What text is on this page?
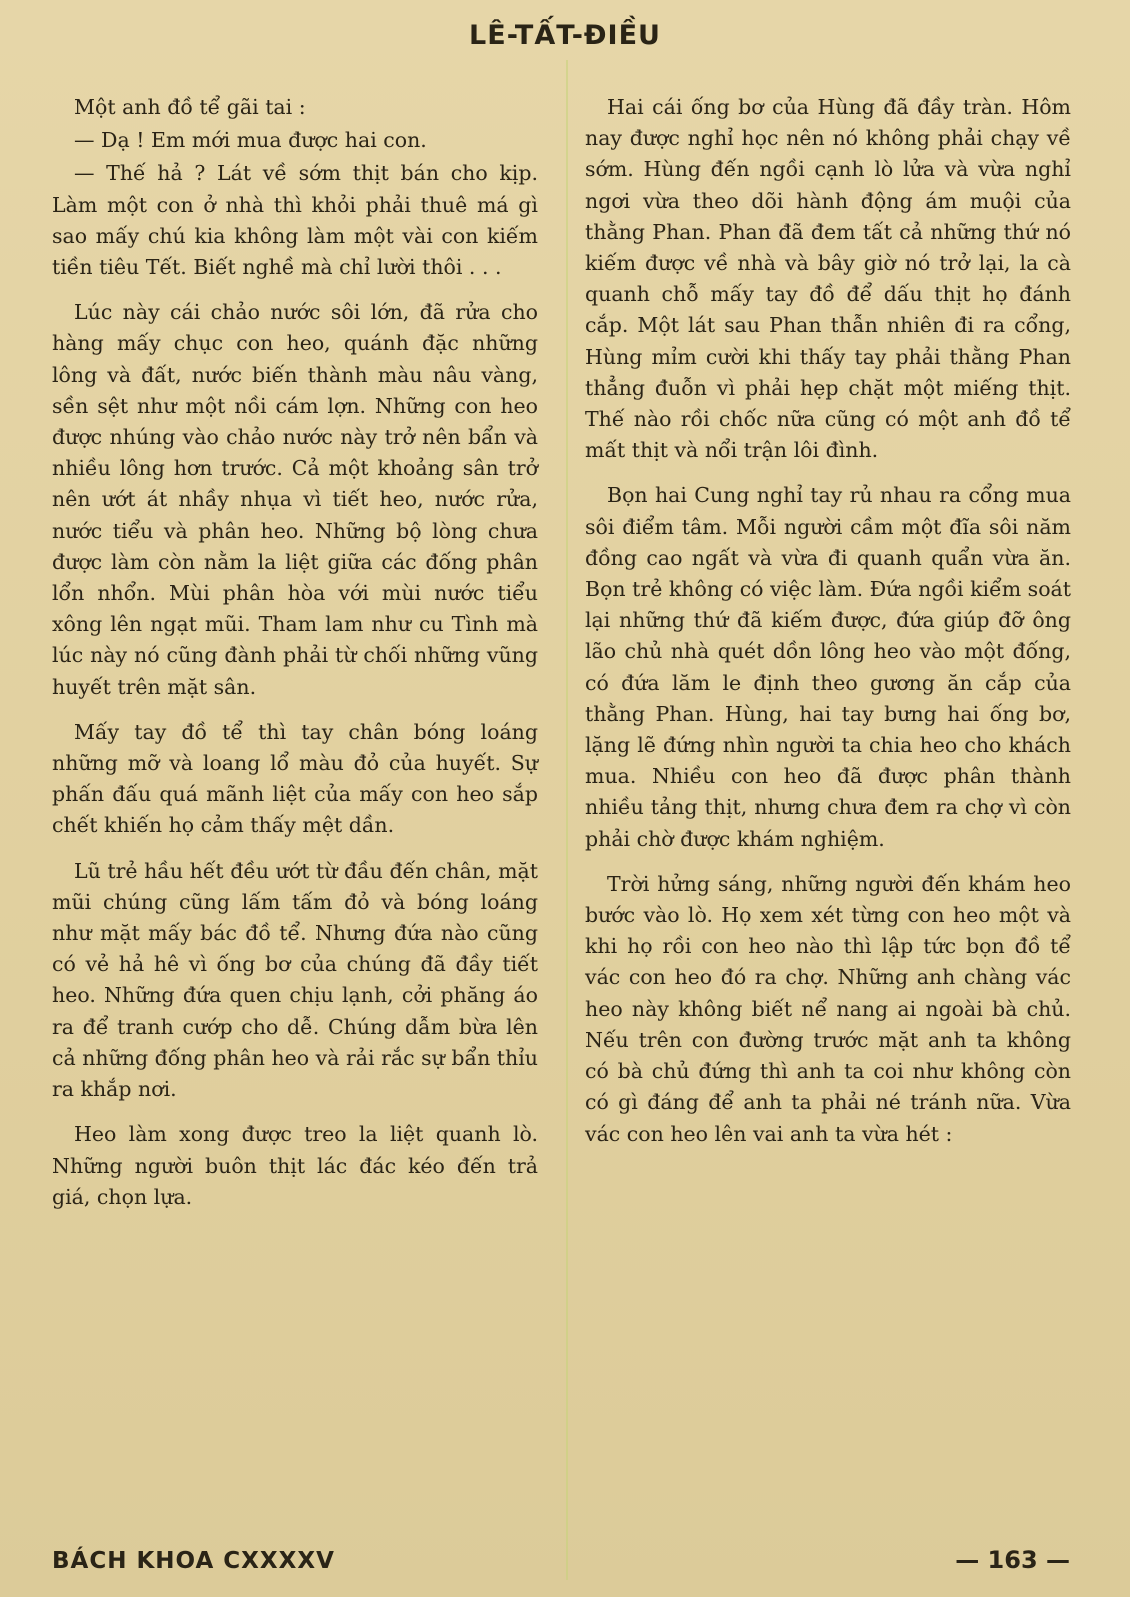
LÊ-TẤT-ĐIỀU

Một anh đồ tể gãi tai :

— Dạ ! Em mới mua được hai con.

— Thế hả ? Lát về sớm thịt bán cho kịp. Làm một con ở nhà thì khỏi phải thuê má gì sao mấy chú kia không làm một vài con kiếm tiền tiêu Tết. Biết nghề mà chỉ lười thôi . . .

Lúc này cái chảo nước sôi lớn, đã rửa cho hàng mấy chục con heo, quánh đặc những lông và đất, nước biến thành màu nâu vàng, sền sệt như một nồi cám lợn. Những con heo được nhúng vào chảo nước này trở nên bẩn và nhiều lông hơn trước. Cả một khoảng sân trở nên ướt át nhầy nhụa vì tiết heo, nước rửa, nước tiểu và phân heo. Những bộ lòng chưa được làm còn nằm la liệt giữa các đống phân lổn nhổn. Mùi phân hòa với mùi nước tiểu xông lên ngạt mũi. Tham lam như cu Tình mà lúc này nó cũng đành phải từ chối những vũng huyết trên mặt sân.

Mấy tay đồ tể thì tay chân bóng loáng những mỡ và loang lổ màu đỏ của huyết. Sự phấn đấu quá mãnh liệt của mấy con heo sắp chết khiến họ cảm thấy mệt dần.

Lũ trẻ hầu hết đều ướt từ đầu đến chân, mặt mũi chúng cũng lấm tấm đỏ và bóng loáng như mặt mấy bác đồ tể. Nhưng đứa nào cũng có vẻ hả hê vì ống bơ của chúng đã đầy tiết heo. Những đứa quen chịu lạnh, cởi phăng áo ra để tranh cướp cho dễ. Chúng dẫm bừa lên cả những đống phân heo và rải rắc sự bẩn thỉu ra khắp nơi.

Heo làm xong được treo la liệt quanh lò. Những người buôn thịt lác đác kéo đến trả giá, chọn lựa.

Hai cái ống bơ của Hùng đã đầy tràn. Hôm nay được nghỉ học nên nó không phải chạy về sớm. Hùng đến ngồi cạnh lò lửa và vừa nghỉ ngơi vừa theo dõi hành động ám muội của thằng Phan. Phan đã đem tất cả những thứ nó kiếm được về nhà và bây giờ nó trở lại, la cà quanh chỗ mấy tay đồ để dấu thịt họ đánh cắp. Một lát sau Phan thẫn nhiên đi ra cổng, Hùng mỉm cười khi thấy tay phải thằng Phan thẳng đuỗn vì phải hẹp chặt một miếng thịt. Thế nào rồi chốc nữa cũng có một anh đồ tể mất thịt và nổi trận lôi đình.

Bọn hai Cung nghỉ tay rủ nhau ra cổng mua sôi điểm tâm. Mỗi người cầm một đĩa sôi năm đồng cao ngất và vừa đi quanh quẩn vừa ăn. Bọn trẻ không có việc làm. Đứa ngồi kiểm soát lại những thứ đã kiếm được, đứa giúp đỡ ông lão chủ nhà quét dồn lông heo vào một đống, có đứa lăm le định theo gương ăn cắp của thằng Phan. Hùng, hai tay bưng hai ống bơ, lặng lẽ đứng nhìn người ta chia heo cho khách mua. Nhiều con heo đã được phân thành nhiều tảng thịt, nhưng chưa đem ra chợ vì còn phải chờ được khám nghiệm.

Trời hửng sáng, những người đến khám heo bước vào lò. Họ xem xét từng con heo một và khi họ rồi con heo nào thì lập tức bọn đồ tể vác con heo đó ra chợ. Những anh chàng vác heo này không biết nể nang ai ngoài bà chủ. Nếu trên con đường trước mặt anh ta không có bà chủ đứng thì anh ta coi như không còn có gì đáng để anh ta phải né tránh nữa. Vừa vác con heo lên vai anh ta vừa hét :

BÁCH KHOA CXXXXV	— 163 —
